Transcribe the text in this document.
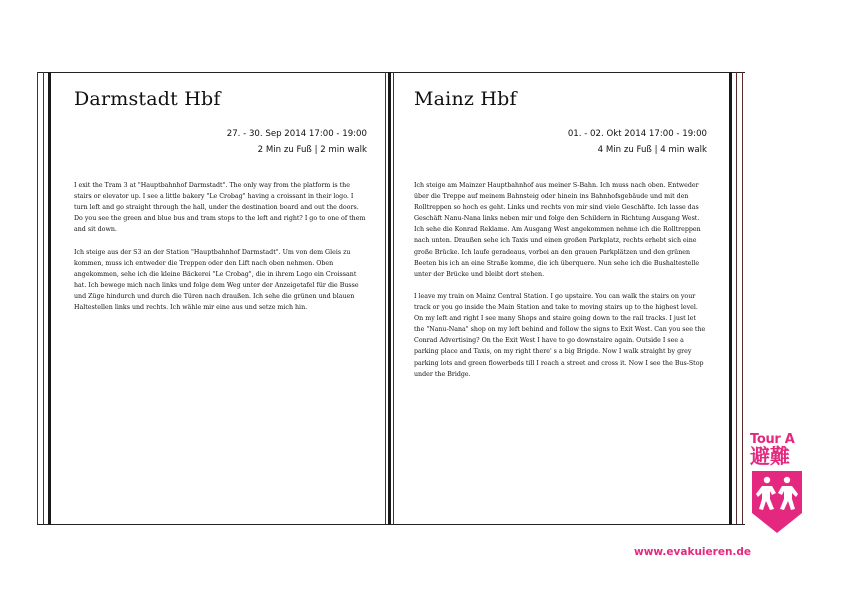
Darmstadt Hbf
27. - 30. Sep 2014 17:00 - 19:00
2 Min zu Fuß | 2 min walk

I exit the Tram 3 at "Hauptbahnhof Darmstadt". The only way from the platform is the stairs or elevator up. I see a little bakery "Le Crobag" having a croissant in their logo. I turn left and go straight through the hall, under the destination board and out the doors. Do you see the green and blue bus and tram stops to the left and right? I go to one of them and sit down.

Ich steige aus der S3 an der Station "Hauptbahnhof Darmstadt". Um von dem Gleis zu kommen, muss ich entweder die Treppen oder den Lift nach oben nehmen. Oben angekommen, sehe ich die kleine Bäckerei "Le Crobag", die in ihrem Logo ein Croissant hat. Ich bewege mich nach links und folge dem Weg unter der Anzeigetafel für die Busse und Züge hindurch und durch die Türen nach draußen. Ich sehe die grünen und blauen Haltestellen links und rechts. Ich wähle mir eine aus und setze mich hin.

Mainz Hbf
01. - 02. Okt 2014 17:00 - 19:00
4 Min zu Fuß | 4 min walk

Ich steige am Mainzer Hauptbahnhof aus meiner S-Bahn. Ich muss nach oben. Entweder über die Treppe auf meinem Bahnsteig oder hinein ins Bahnhofsgebäude und mit den Rolltreppen so hoch es geht. Links und rechts von mir sind viele Geschäfte. Ich lasse das Geschäft Nanu-Nana links neben mir und folge den Schildern in Richtung Ausgang West. Ich sehe die Konrad Reklame. Am Ausgang West angekommen nehme ich die Rolltreppen nach unten. Draußen sehe ich Taxis und einen großen Parkplatz, rechts erhebt sich eine große Brücke. Ich laufe geradeaus, vorbei an den grauen Parkplätzen und den grünen Beeten bis ich an eine Straße komme, die ich überquere. Nun sehe ich die Bushaltestelle unter der Brücke und bleibt dort stehen.

I leave my train on Mainz Central Station. I go upstaire. You can walk the stairs on your track or you go inside the Main Station and take to moving stairs up to the highest level. On my left and right I see many Shops and staire going down to the rail tracks. I just let the "Nanu-Nana" shop on my left behind and follow the signs to Exit West. Can you see the Conrad Advertising? On the Exit West I have to go downstaire again. Outside I see a parking place and Taxis, on my right there' s a big Brigde. Now I walk straight by grey parking lots and green flowerbeds till I reach a street and cross it. Now I see the Bus-Stop under the Bridge.

Tour A
避難
www.evakuieren.de
